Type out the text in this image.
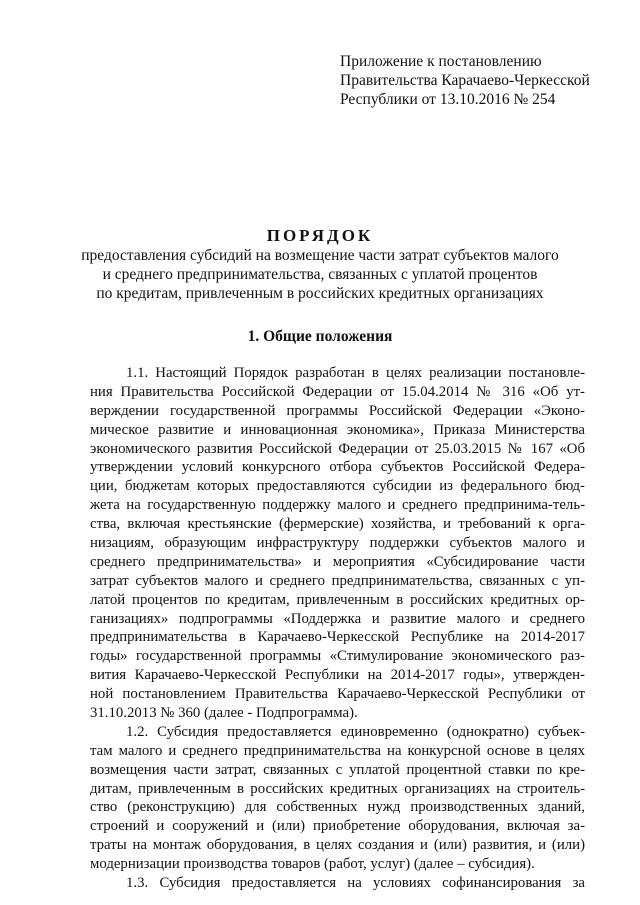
Приложение к постановлению
Правительства Карачаево-Черкесской
Республики от 13.10.2016 № 254
ПОРЯДОК
предоставления субсидий на возмещение части затрат субъектов малого
и среднего предпринимательства, связанных с уплатой процентов
по кредитам, привлеченным в российских кредитных организациях
1. Общие положения
1.1. Настоящий Порядок разработан в целях реализации постановле-
ния Правительства Российской Федерации от 15.04.2014 № 316 «Об ут-
верждении государственной программы Российской Федерации «Эконо-
мическое развитие и инновационная экономика», Приказа Министерства
экономического развития Российской Федерации от 25.03.2015 № 167 «Об
утверждении условий конкурсного отбора субъектов Российской Федера-
ции, бюджетам которых предоставляются субсидии из федерального бюд-
жета на государственную поддержку малого и среднего предпринима-тель-
ства, включая крестьянские (фермерские) хозяйства, и требований к орга-
низациям, образующим инфраструктуру поддержки субъектов малого и
среднего предпринимательства» и мероприятия «Субсидирование части
затрат субъектов малого и среднего предпринимательства, связанных с уп-
латой процентов по кредитам, привлеченным в российских кредитных ор-
ганизациях» подпрограммы «Поддержка и развитие малого и среднего
предпринимательства в Карачаево-Черкесской Республике на 2014-2017
годы» государственной программы «Стимулирование экономического раз-
вития Карачаево-Черкесской Республики на 2014-2017 годы», утвержден-
ной постановлением Правительства Карачаево-Черкесской Республики от
31.10.2013 № 360 (далее - Подпрограмма).
1.2. Субсидия предоставляется единовременно (однократно) субъек-
там малого и среднего предпринимательства на конкурсной основе в целях
возмещения части затрат, связанных с уплатой процентной ставки по кре-
дитам, привлеченным в российских кредитных организациях на строитель-
ство (реконструкцию) для собственных нужд производственных зданий,
строений и сооружений и (или) приобретение оборудования, включая за-
траты на монтаж оборудования, в целях создания и (или) развития, и (или)
модернизации производства товаров (работ, услуг) (далее – субсидия).
1.3. Субсидия предоставляется на условиях софинансирования за
